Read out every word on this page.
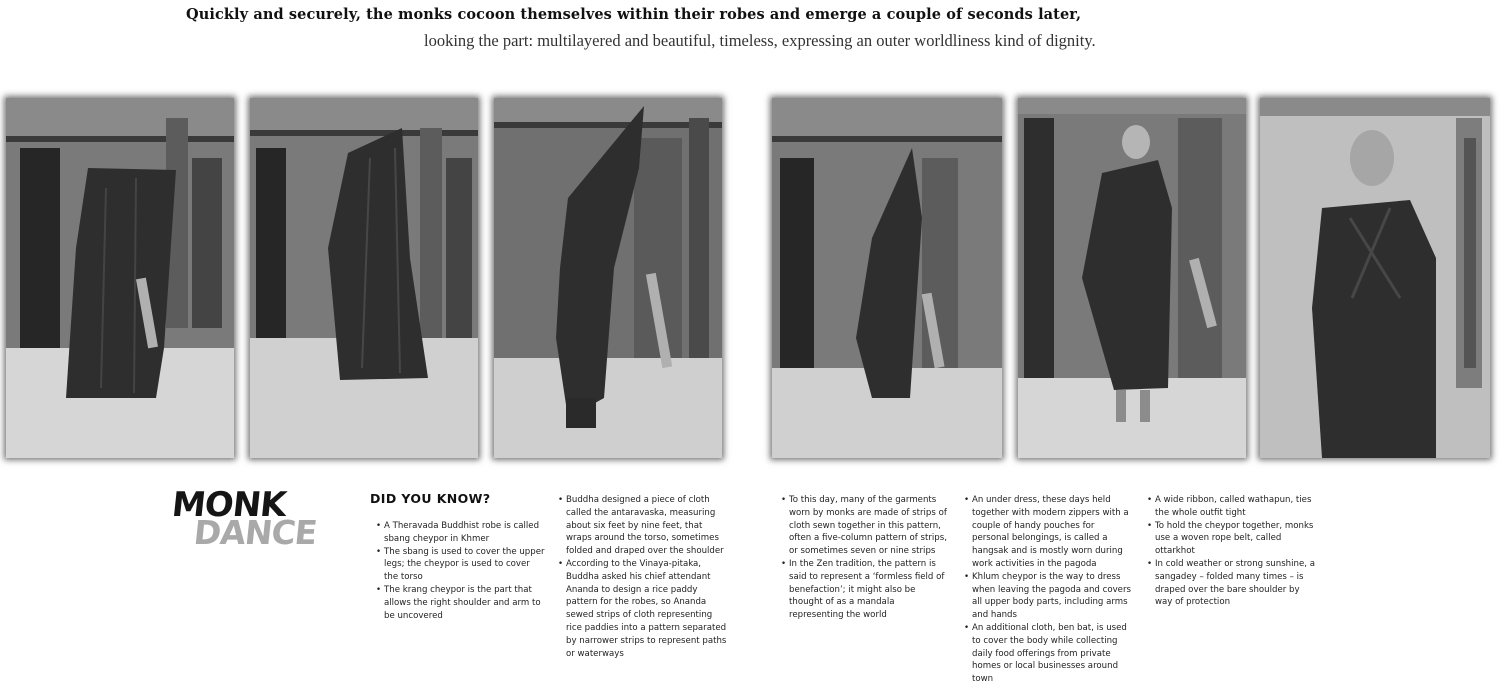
Quickly and securely, the monks cocoon themselves within their robes and emerge a couple of seconds later,
looking the part: multilayered and beautiful, timeless, expressing an outer worldliness kind of dignity.
MONK
DANCE
DID YOU KNOW?
• A Theravada Buddhist robe is called sbang cheypor in Khmer
• The sbang is used to cover the upper legs; the cheypor is used to cover the torso
• The krang cheypor is the part that allows the right shoulder and arm to be uncovered
• Buddha designed a piece of cloth called the antaravaska, measuring about six feet by nine feet, that wraps around the torso, sometimes folded and draped over the shoulder
• According to the Vinaya-pitaka, Buddha asked his chief attendant Ananda to design a rice paddy pattern for the robes, so Ananda sewed strips of cloth representing rice paddies into a pattern separated by narrower strips to represent paths or waterways
• To this day, many of the garments worn by monks are made of strips of cloth sewn together in this pattern, often a five-column pattern of strips, or sometimes seven or nine strips
• In the Zen tradition, the pattern is said to represent a ‘formless field of benefaction’; it might also be thought of as a mandala representing the world
• An under dress, these days held together with modern zippers with a couple of handy pouches for personal belongings, is called a hangsak and is mostly worn during work activities in the pagoda
• Khlum cheypor is the way to dress when leaving the pagoda and covers all upper body parts, including arms and hands
• An additional cloth, ben bat, is used to cover the body while collecting daily food offerings from private homes or local businesses around town
• A wide ribbon, called wathapun, ties the whole outfit tight
• To hold the cheypor together, monks use a woven rope belt, called ottarkhot
• In cold weather or strong sunshine, a sangadey – folded many times – is draped over the bare shoulder by way of protection
